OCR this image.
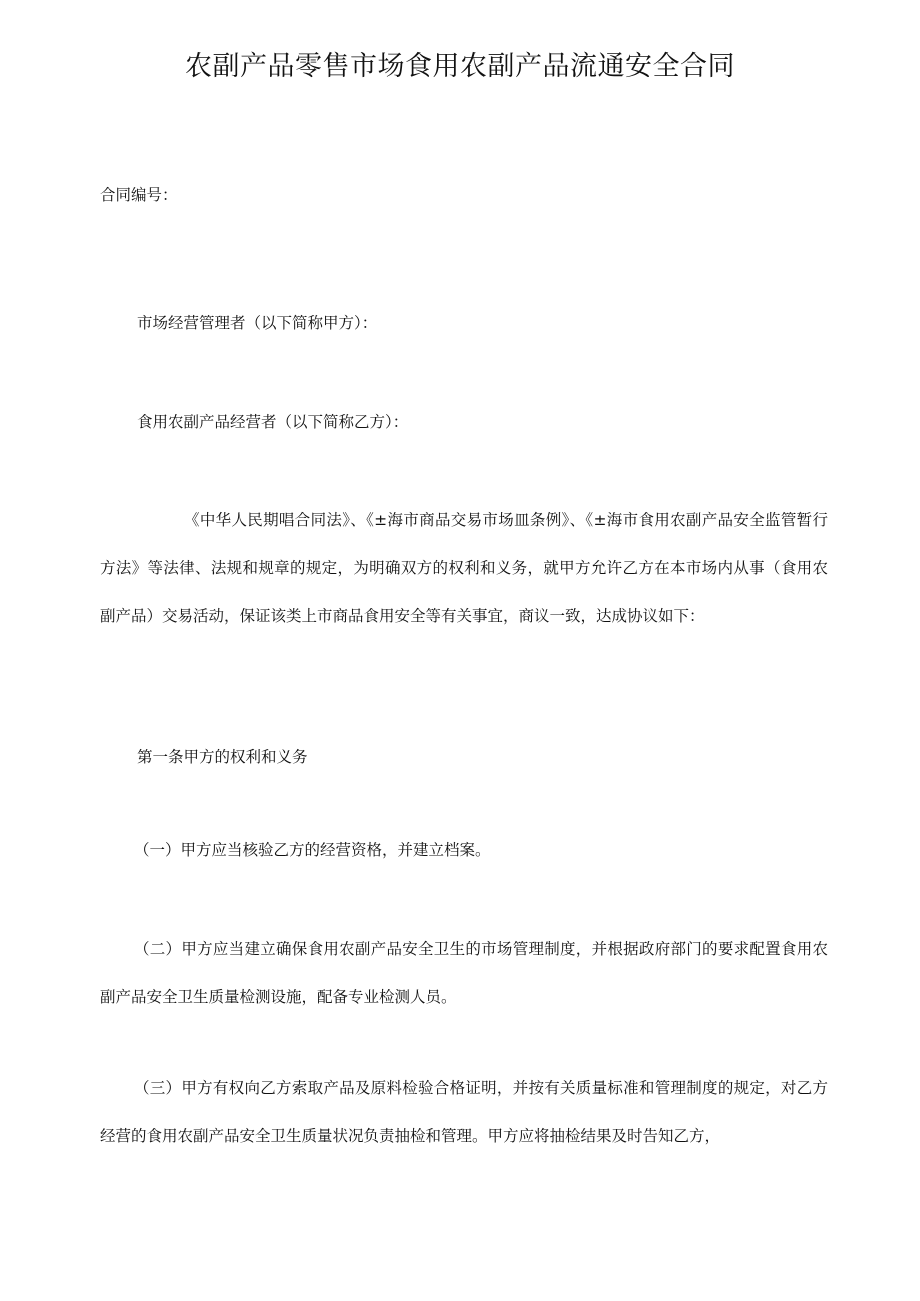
农副产品零售市场食用农副产品流通安全合同

合同编号：

市场经营管理者（以下简称甲方）：

食用农副产品经营者（以下简称乙方）：

《中华人民期唱合同法》、《±海市商品交易市场皿条例》、《±海市食用农副产品安全监管暂行方法》等法律、法规和规章的规定，为明确双方的权利和义务，就甲方允许乙方在本市场内从事（食用农副产品）交易活动，保证该类上市商品食用安全等有关事宜，商议一致，达成协议如下：

第一条甲方的权利和义务

（一）甲方应当核验乙方的经营资格，并建立档案。

（二）甲方应当建立确保食用农副产品安全卫生的市场管理制度，并根据政府部门的要求配置食用农副产品安全卫生质量检测设施，配备专业检测人员。

（三）甲方有权向乙方索取产品及原料检验合格证明，并按有关质量标准和管理制度的规定，对乙方经营的食用农副产品安全卫生质量状况负责抽检和管理。甲方应将抽检结果及时告知乙方，
